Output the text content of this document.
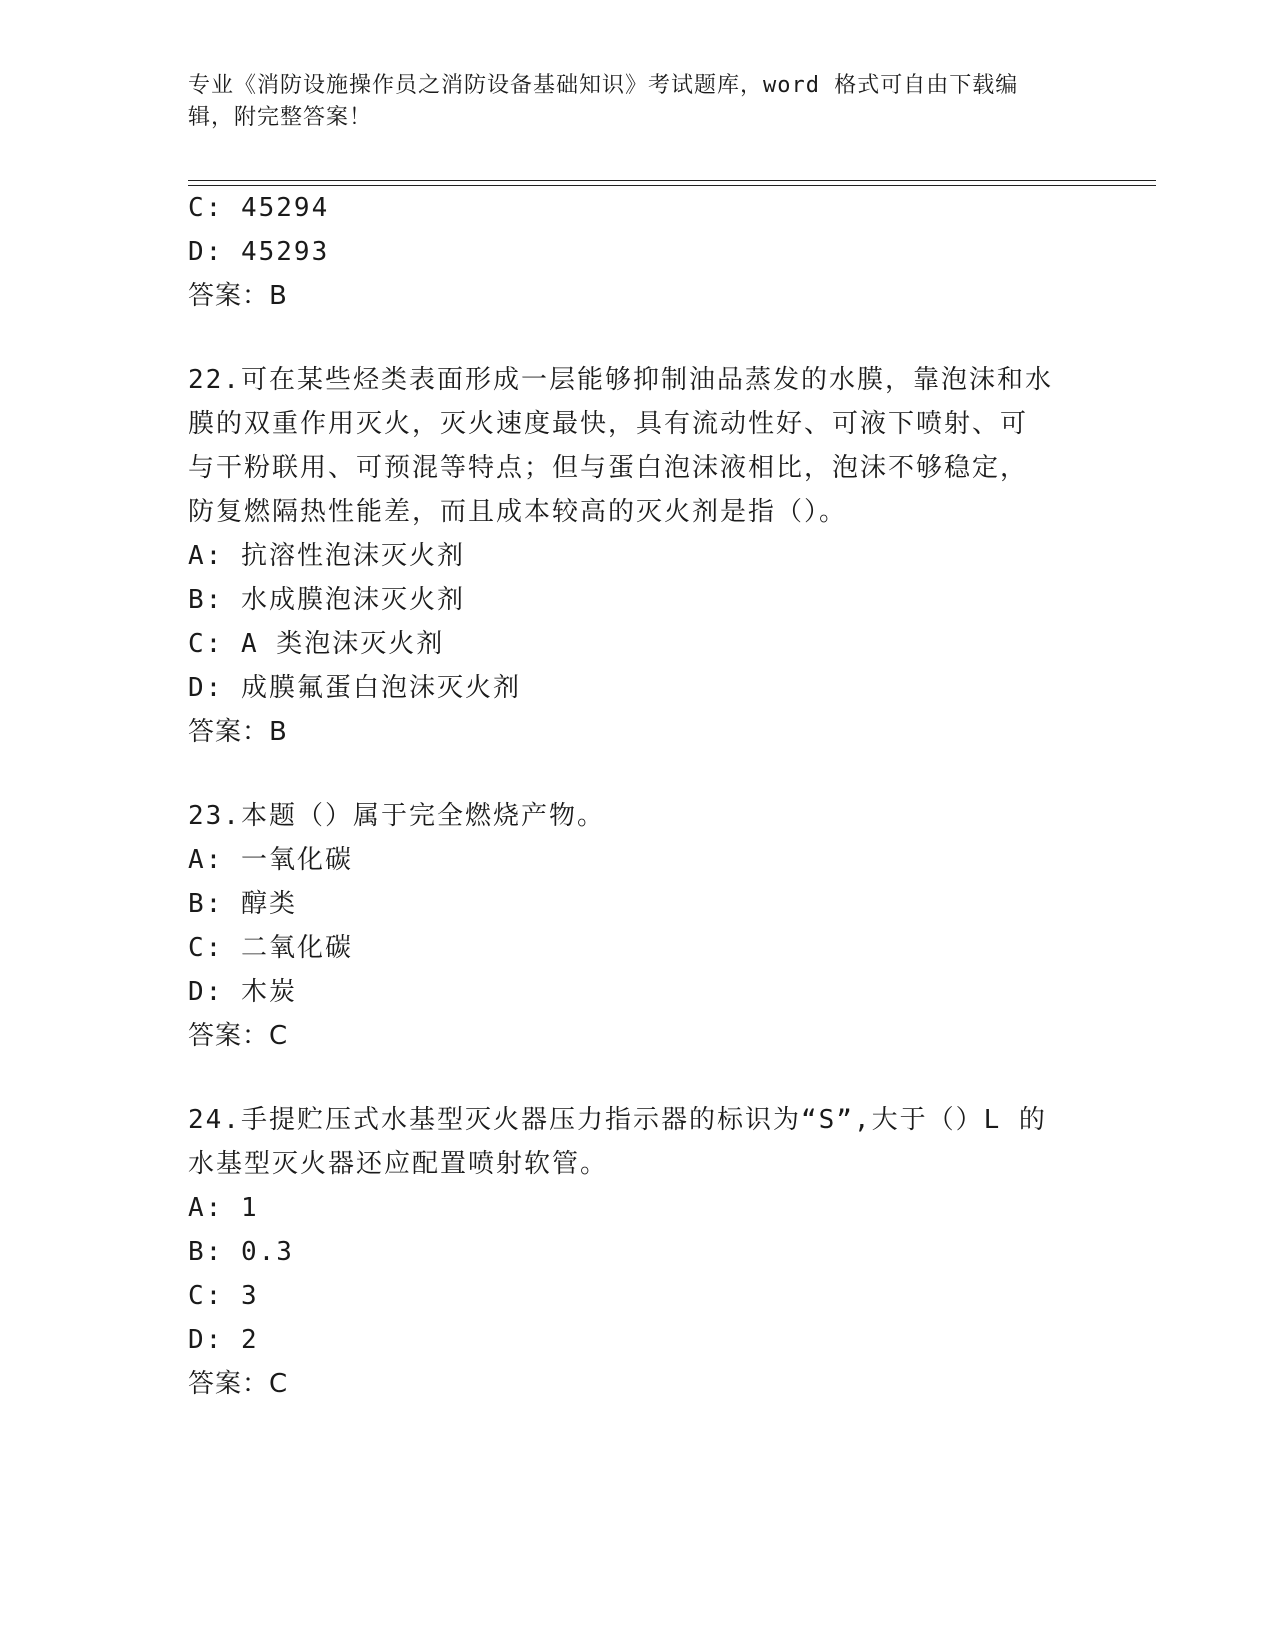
专业《消防设施操作员之消防设备基础知识》考试题库，word 格式可自由下载编
辑，附完整答案！
C: 45294
D: 45293
答案：B
22.可在某些烃类表面形成一层能够抑制油品蒸发的水膜，靠泡沫和水
膜的双重作用灭火，灭火速度最快，具有流动性好、可液下喷射、可
与干粉联用、可预混等特点；但与蛋白泡沫液相比，泡沫不够稳定，
防复燃隔热性能差，而且成本较高的灭火剂是指（）。
A: 抗溶性泡沫灭火剂
B: 水成膜泡沫灭火剂
C: A 类泡沫灭火剂
D: 成膜氟蛋白泡沫灭火剂
答案：B
23.本题（）属于完全燃烧产物。
A: 一氧化碳
B: 醇类
C: 二氧化碳
D: 木炭
答案：C
24.手提贮压式水基型灭火器压力指示器的标识为“S”,大于（）L 的
水基型灭火器还应配置喷射软管。
A: 1
B: 0.3
C: 3
D: 2
答案：C
